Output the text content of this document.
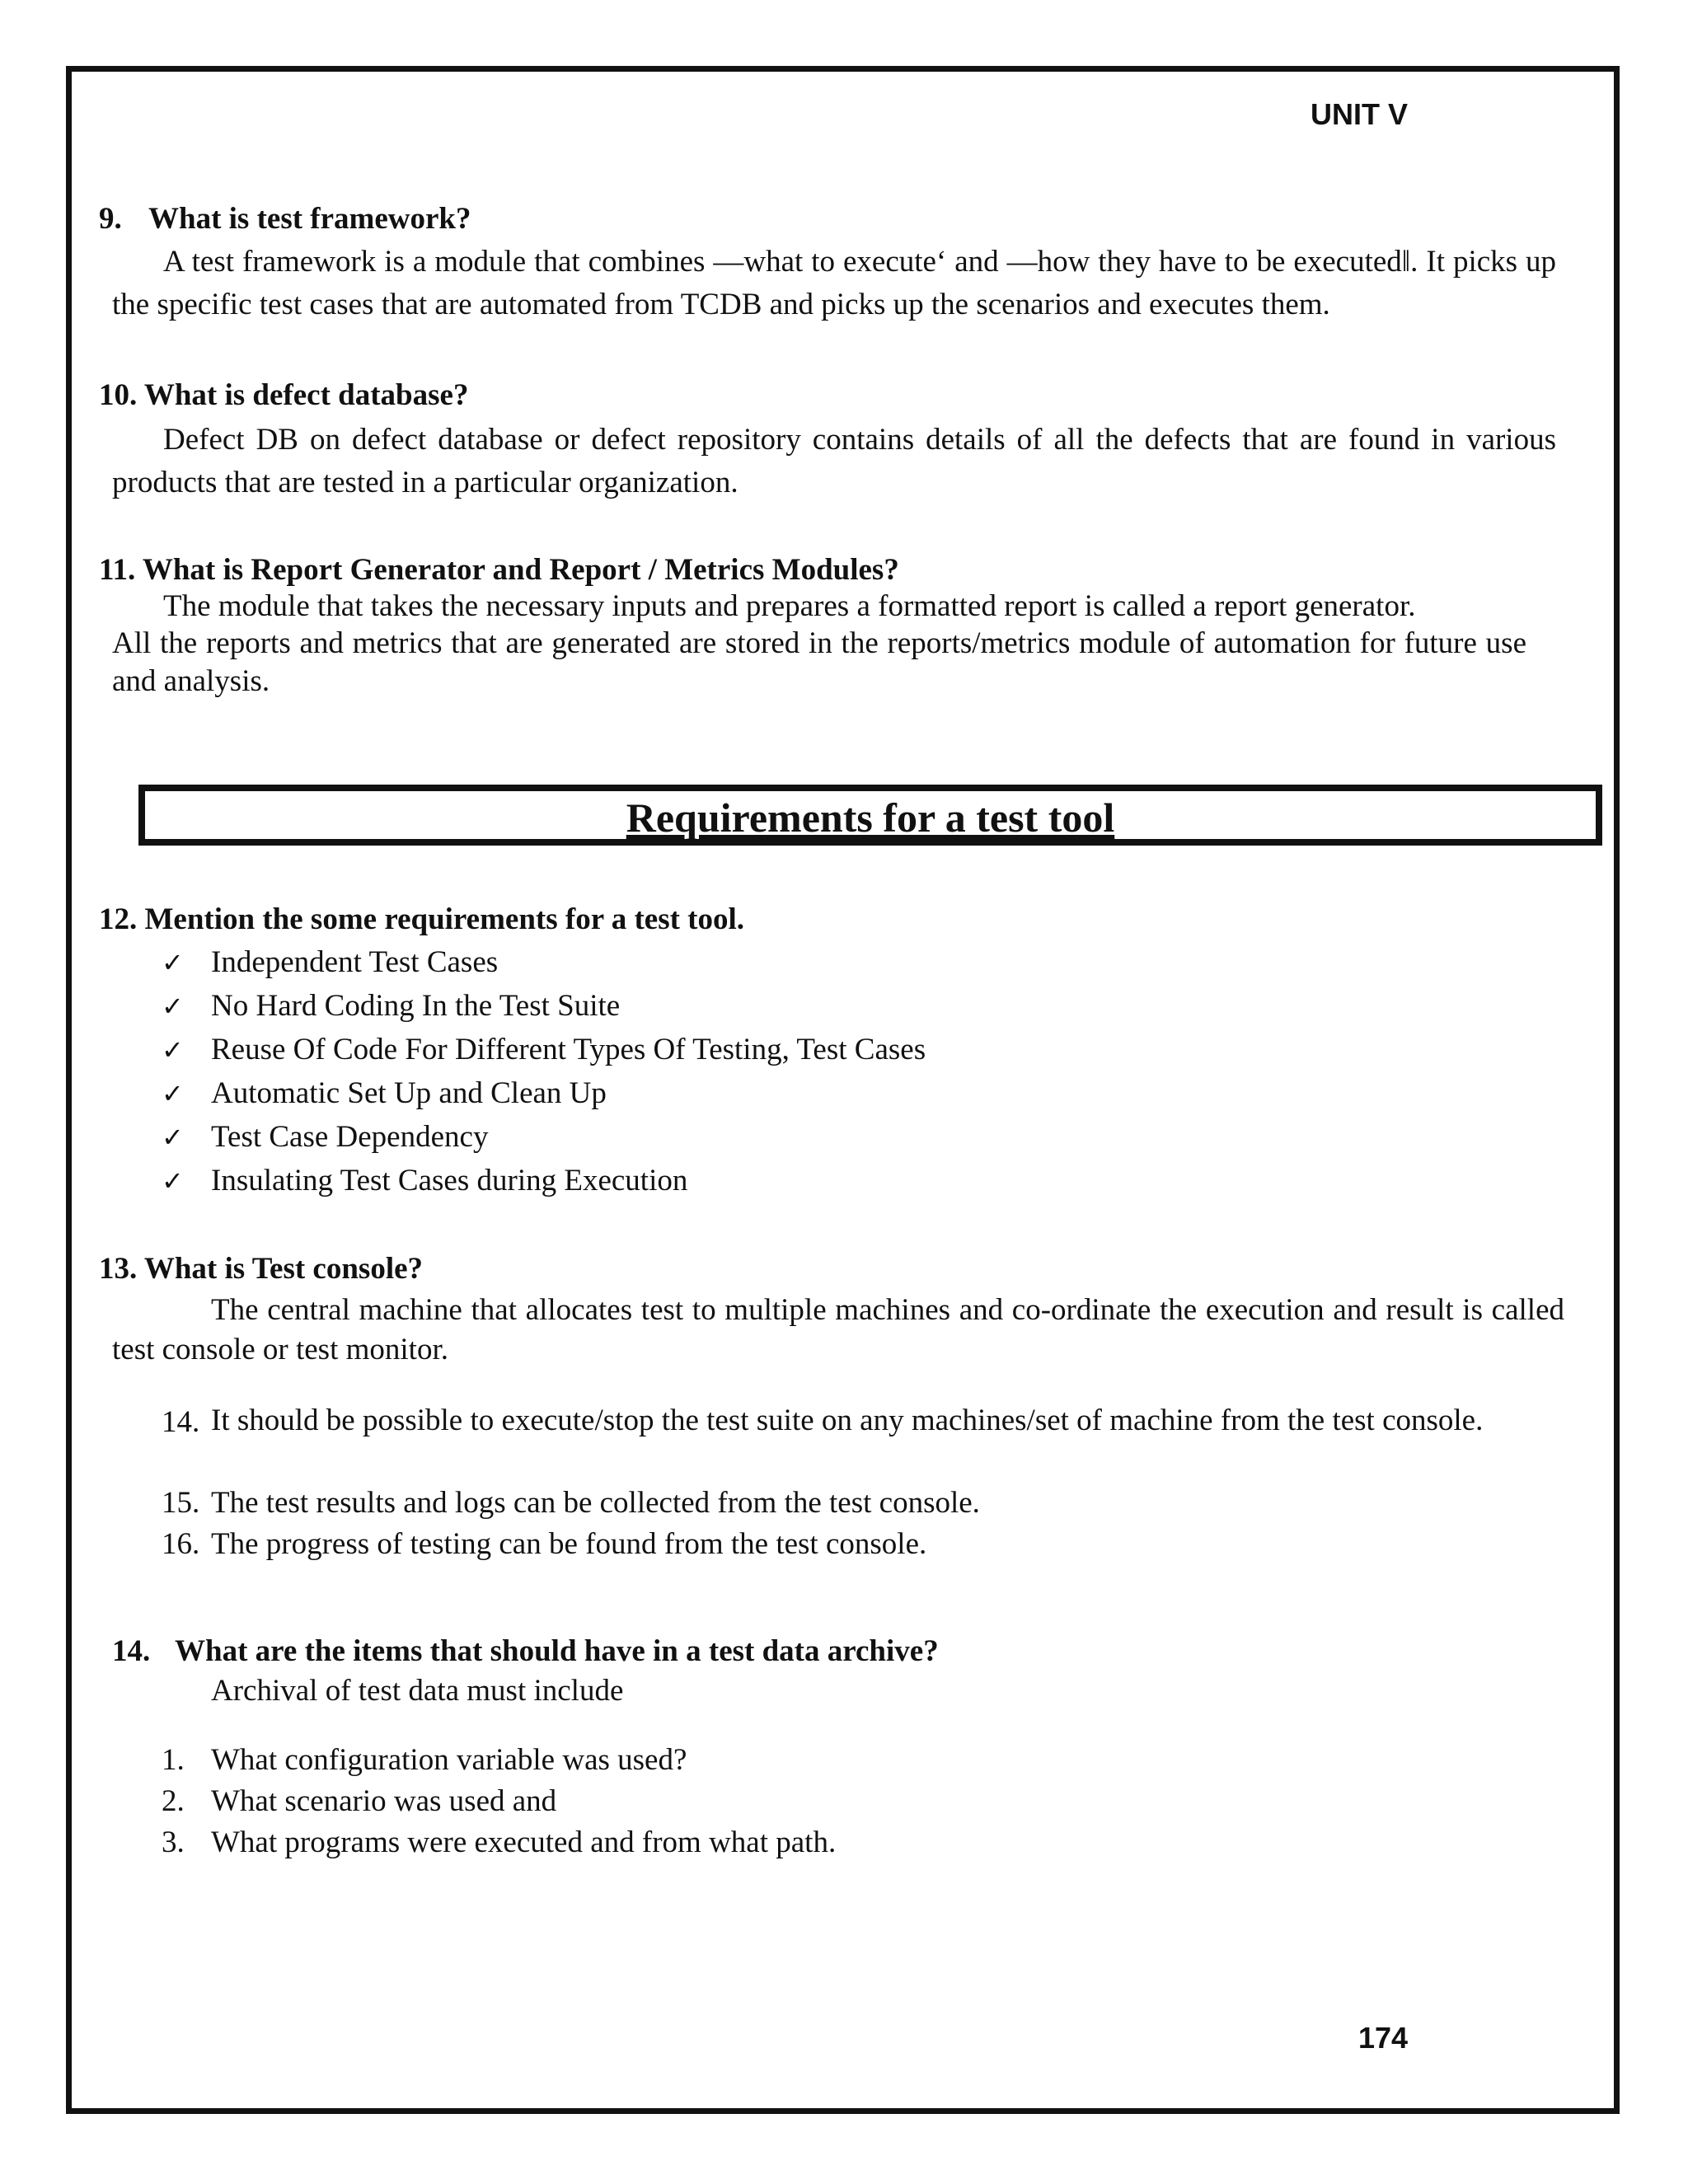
UNIT V

9. What is test framework?

A test framework is a module that combines ―what to execute‘ and ―how they have to be executed‖. It picks up the specific test cases that are automated from TCDB and picks up the scenarios and executes them.

10. What is defect database?

Defect DB on defect database or defect repository contains details of all the defects that are found in various products that are tested in a particular organization.

11. What is Report Generator and Report / Metrics Modules?

The module that takes the necessary inputs and prepares a formatted report is called a report generator.

All the reports and metrics that are generated are stored in the reports/metrics module of automation for future use and analysis.

Requirements for a test tool

12. Mention the some requirements for a test tool.

✓ Independent Test Cases
✓ No Hard Coding In the Test Suite
✓ Reuse Of Code For Different Types Of Testing, Test Cases
✓ Automatic Set Up and Clean Up
✓ Test Case Dependency
✓ Insulating Test Cases during Execution

13. What is Test console?

The central machine that allocates test to multiple machines and co-ordinate the execution and result is called test console or test monitor.

14. It should be possible to execute/stop the test suite on any machines/set of machine from the test console.
15. The test results and logs can be collected from the test console.
16. The progress of testing can be found from the test console.

14. What are the items that should have in a test data archive?

Archival of test data must include

1. What configuration variable was used?
2. What scenario was used and
3. What programs were executed and from what path.

174
